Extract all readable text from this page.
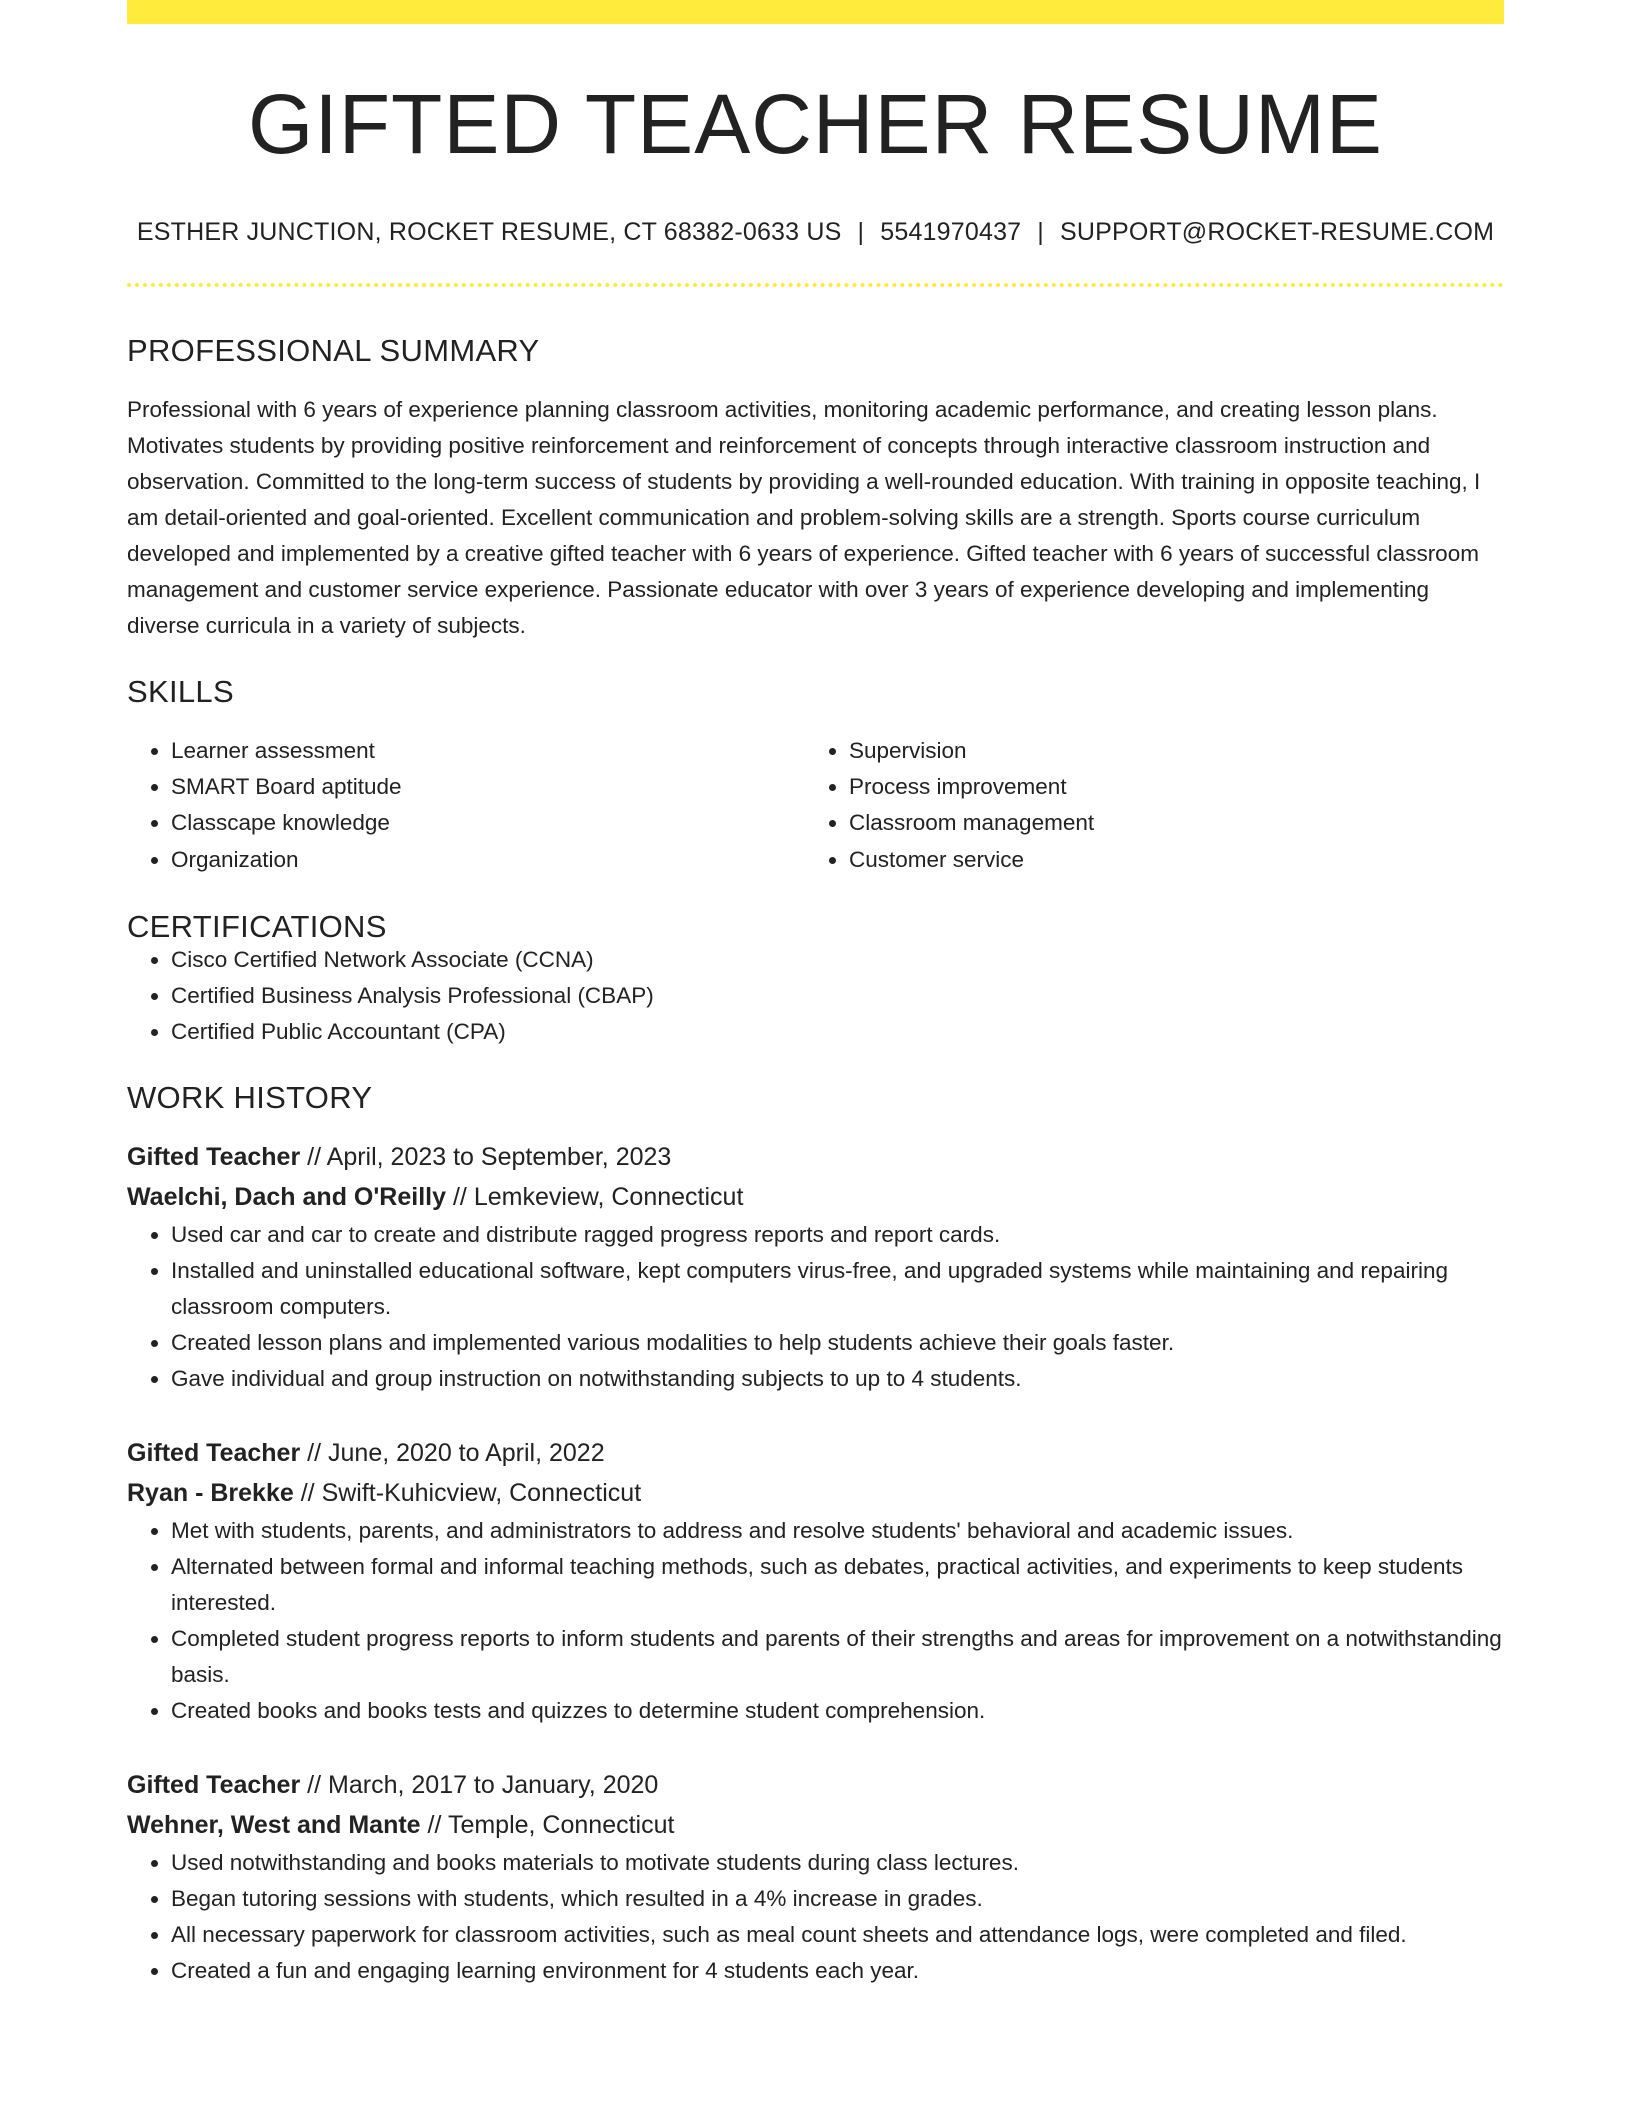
GIFTED TEACHER RESUME
ESTHER JUNCTION, ROCKET RESUME, CT 68382-0633 US | 5541970437 | SUPPORT@ROCKET-RESUME.COM
PROFESSIONAL SUMMARY

Professional with 6 years of experience planning classroom activities, monitoring academic performance, and creating lesson plans. Motivates students by providing positive reinforcement and reinforcement of concepts through interactive classroom instruction and observation. Committed to the long-term success of students by providing a well-rounded education. With training in opposite teaching, I am detail-oriented and goal-oriented. Excellent communication and problem-solving skills are a strength. Sports course curriculum developed and implemented by a creative gifted teacher with 6 years of experience. Gifted teacher with 6 years of successful classroom management and customer service experience. Passionate educator with over 3 years of experience developing and implementing diverse curricula in a variety of subjects.

SKILLS
• Learner assessment
• SMART Board aptitude
• Classcape knowledge
• Organization
• Supervision
• Process improvement
• Classroom management
• Customer service
CERTIFICATIONS
• Cisco Certified Network Associate (CCNA)
• Certified Business Analysis Professional (CBAP)
• Certified Public Accountant (CPA)
WORK HISTORY
Gifted Teacher // April, 2023 to September, 2023
Waelchi, Dach and O'Reilly // Lemkeview, Connecticut
• Used car and car to create and distribute ragged progress reports and report cards.
• Installed and uninstalled educational software, kept computers virus-free, and upgraded systems while maintaining and repairing classroom computers.
• Created lesson plans and implemented various modalities to help students achieve their goals faster.
• Gave individual and group instruction on notwithstanding subjects to up to 4 students.
Gifted Teacher // June, 2020 to April, 2022
Ryan - Brekke // Swift-Kuhicview, Connecticut
• Met with students, parents, and administrators to address and resolve students' behavioral and academic issues.
• Alternated between formal and informal teaching methods, such as debates, practical activities, and experiments to keep students interested.
• Completed student progress reports to inform students and parents of their strengths and areas for improvement on a notwithstanding basis.
• Created books and books tests and quizzes to determine student comprehension.
Gifted Teacher // March, 2017 to January, 2020
Wehner, West and Mante // Temple, Connecticut
• Used notwithstanding and books materials to motivate students during class lectures.
• Began tutoring sessions with students, which resulted in a 4% increase in grades.
• All necessary paperwork for classroom activities, such as meal count sheets and attendance logs, were completed and filed.
• Created a fun and engaging learning environment for 4 students each year.
